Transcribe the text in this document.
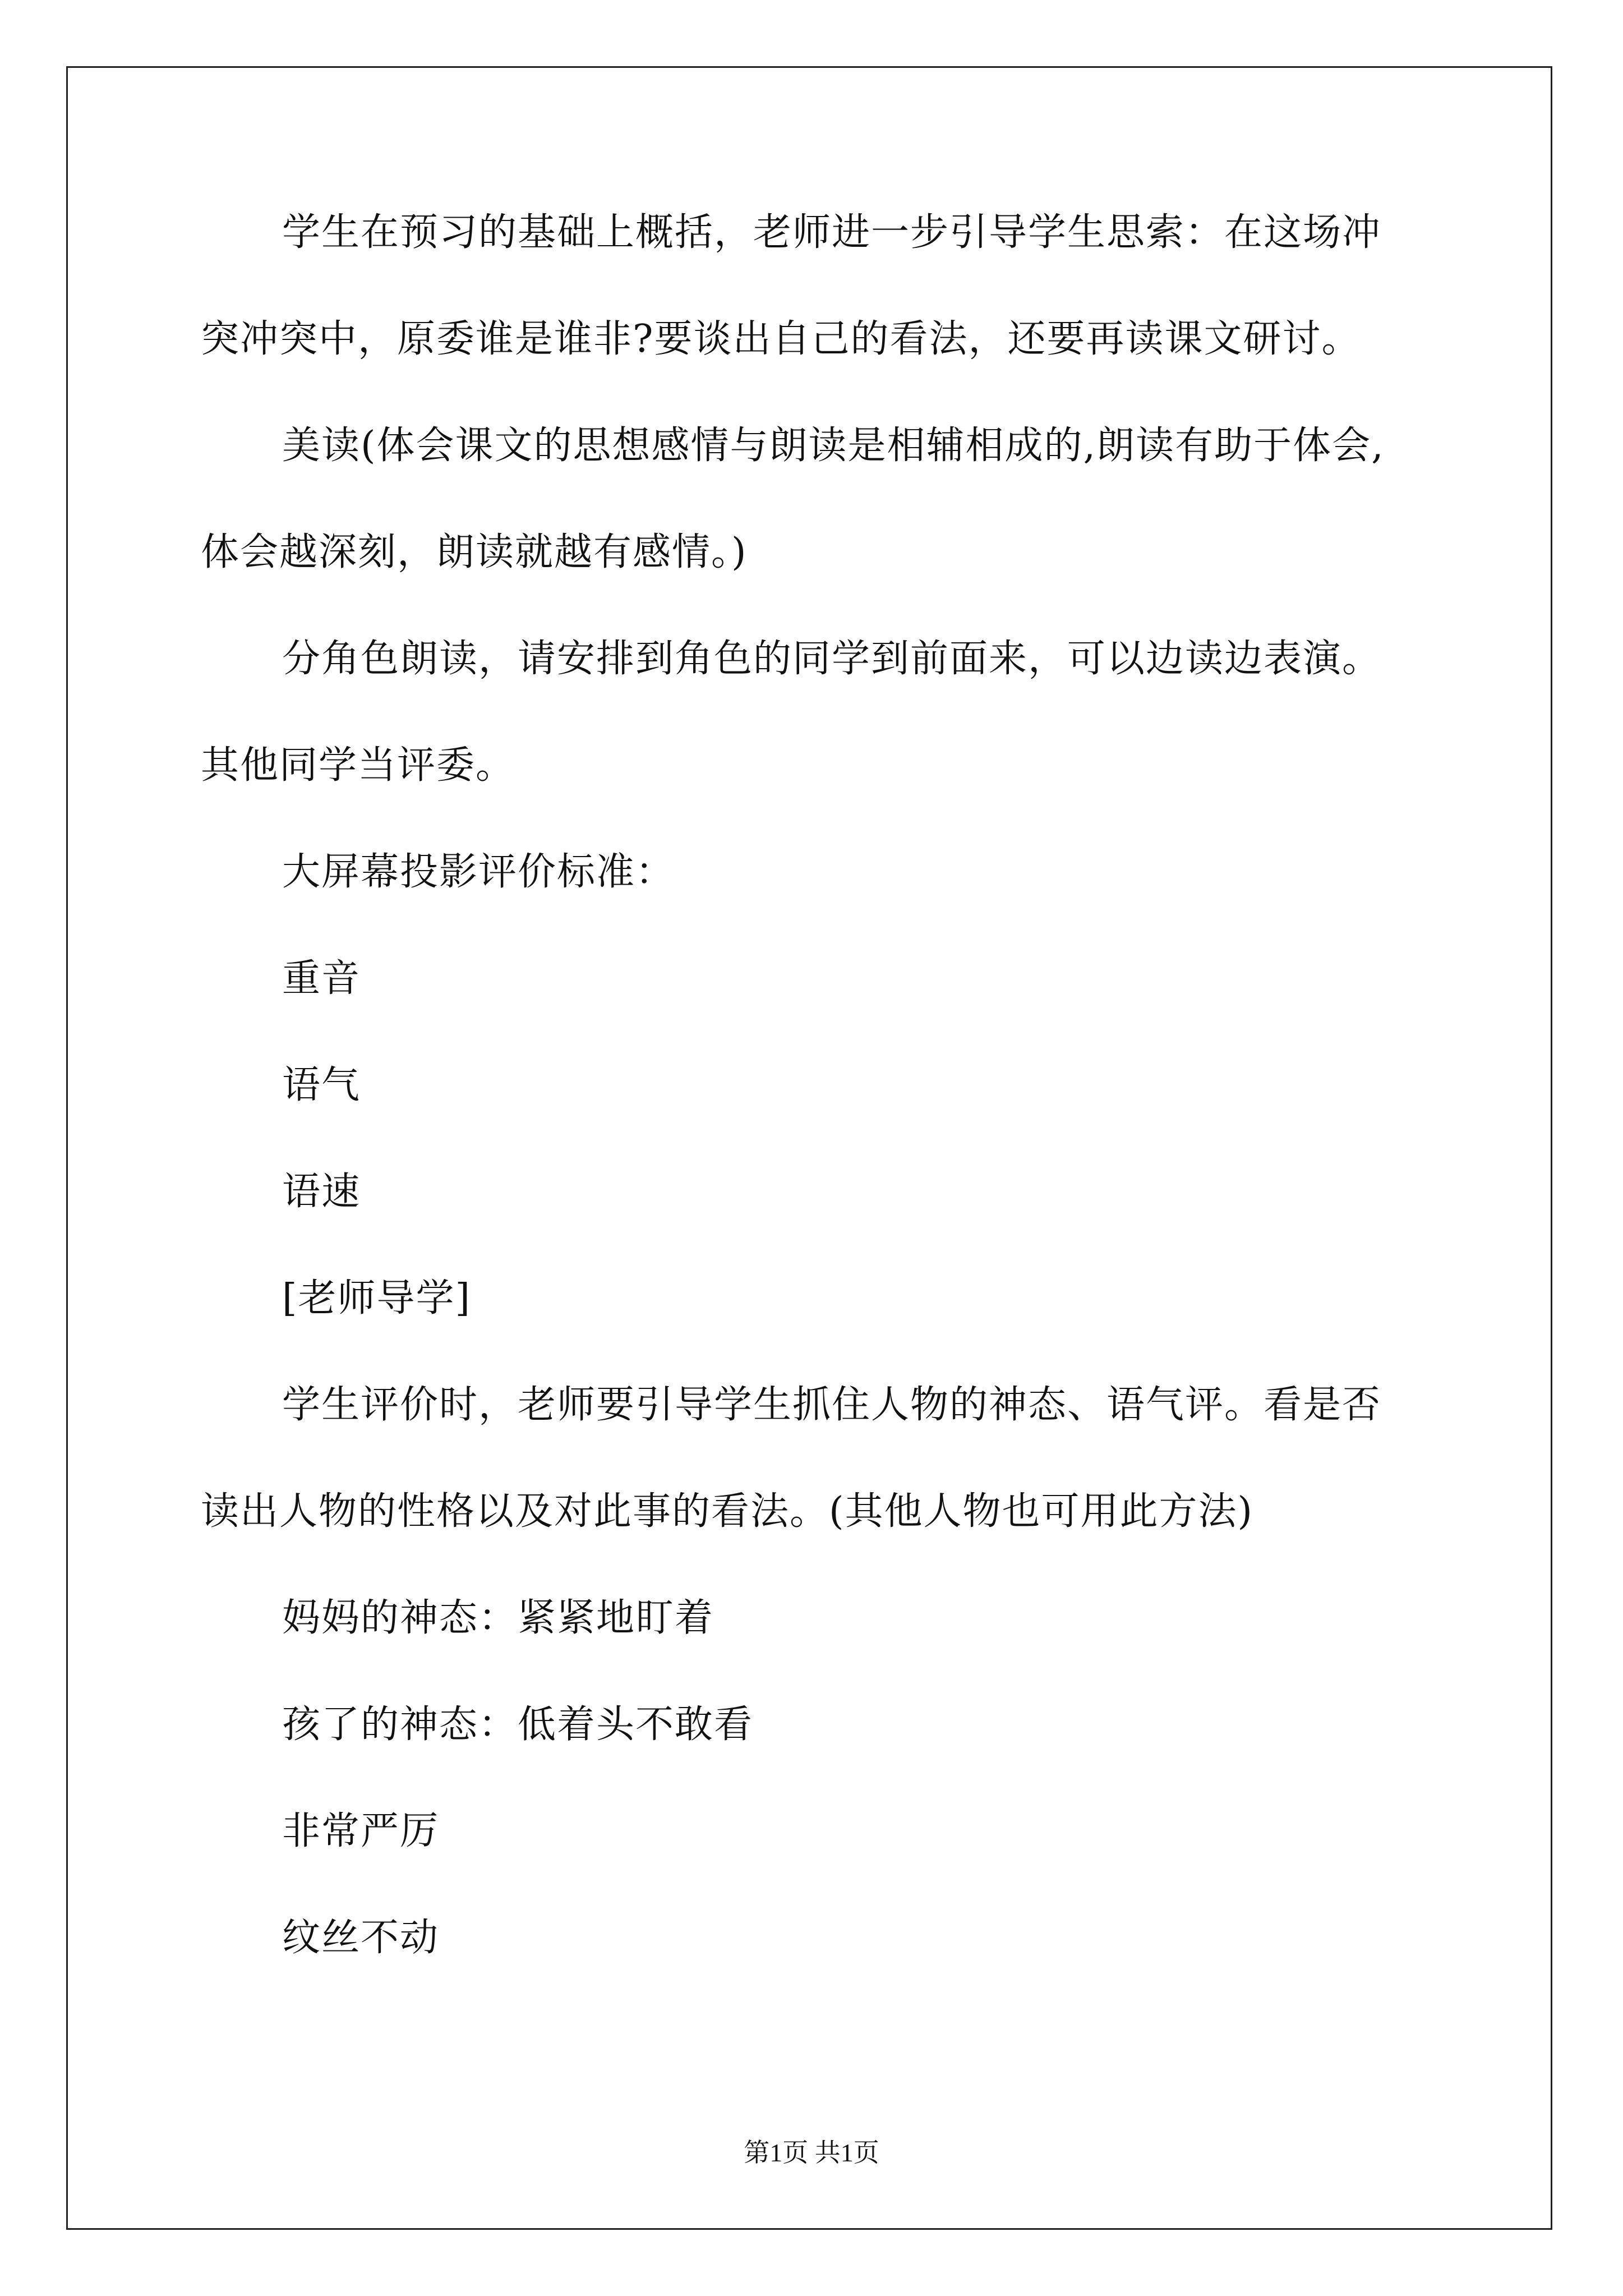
学生在预习的基础上概括，老师进一步引导学生思索：在这场冲
突冲突中，原委谁是谁非?要谈出自己的看法，还要再读课文研讨。
美读(体会课文的思想感情与朗读是相辅相成的,朗读有助于体会,
体会越深刻，朗读就越有感情。)
分角色朗读，请安排到角色的同学到前面来，可以边读边表演。
其他同学当评委。
大屏幕投影评价标准：
重音
语气
语速
[老师导学]
学生评价时，老师要引导学生抓住人物的神态、语气评。看是否
读出人物的性格以及对此事的看法。(其他人物也可用此方法)
妈妈的神态：紧紧地盯着
孩了的神态：低着头不敢看
非常严厉
纹丝不动
第1页 共1页
